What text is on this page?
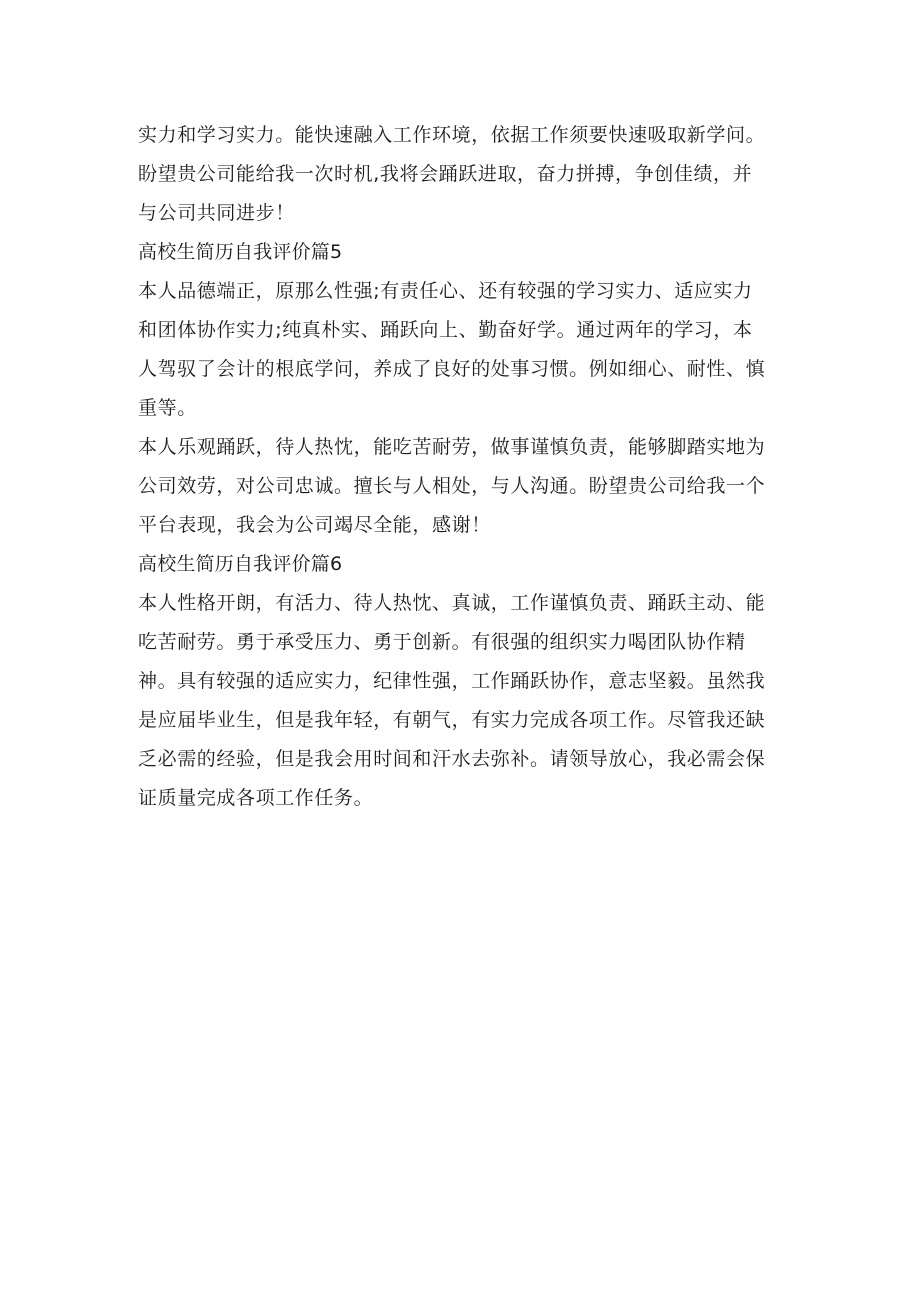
实力和学习实力。能快速融入工作环境，依据工作须要快速吸取新学问。
盼望贵公司能给我一次时机,我将会踊跃进取，奋力拼搏，争创佳绩，并
与公司共同进步！
高校生简历自我评价篇5
本人品德端正，原那么性强;有责任心、还有较强的学习实力、适应实力
和团体协作实力;纯真朴实、踊跃向上、勤奋好学。通过两年的学习，本
人驾驭了会计的根底学问，养成了良好的处事习惯。例如细心、耐性、慎
重等。
本人乐观踊跃，待人热忱，能吃苦耐劳，做事谨慎负责，能够脚踏实地为
公司效劳，对公司忠诚。擅长与人相处，与人沟通。盼望贵公司给我一个
平台表现，我会为公司竭尽全能，感谢！
高校生简历自我评价篇6
本人性格开朗，有活力、待人热忱、真诚，工作谨慎负责、踊跃主动、能
吃苦耐劳。勇于承受压力、勇于创新。有很强的组织实力喝团队协作精
神。具有较强的适应实力，纪律性强，工作踊跃协作，意志坚毅。虽然我
是应届毕业生，但是我年轻，有朝气，有实力完成各项工作。尽管我还缺
乏必需的经验，但是我会用时间和汗水去弥补。请领导放心，我必需会保
证质量完成各项工作任务。
